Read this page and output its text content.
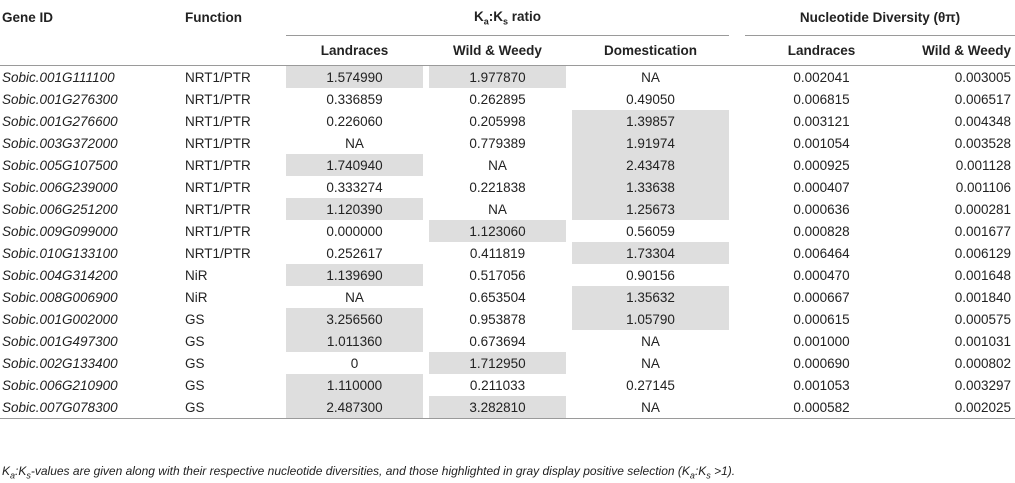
Gene ID	Function	$K_a:K_s$ ratio						Nucleotide Diversity (θπ)	
		Landraces		Wild & Weedy		Domestication		Landraces	Wild & Weedy
Sobic.001G111100	NRT1/PTR	1.574990		1.977870		NA		0.002041	0.003005
Sobic.001G276300	NRT1/PTR	0.336859		0.262895		0.49050		0.006815	0.006517
Sobic.001G276600	NRT1/PTR	0.226060		0.205998		1.39857		0.003121	0.004348
Sobic.003G372000	NRT1/PTR	NA		0.779389		1.91974		0.001054	0.003528
Sobic.005G107500	NRT1/PTR	1.740940		NA		2.43478		0.000925	0.001128
Sobic.006G239000	NRT1/PTR	0.333274		0.221838		1.33638		0.000407	0.001106
Sobic.006G251200	NRT1/PTR	1.120390		NA		1.25673		0.000636	0.000281
Sobic.009G099000	NRT1/PTR	0.000000		1.123060		0.56059		0.000828	0.001677
Sobic.010G133100	NRT1/PTR	0.252617		0.411819		1.73304		0.006464	0.006129
Sobic.004G314200	NiR	1.139690		0.517056		0.90156		0.000470	0.001648
Sobic.008G006900	NiR	NA		0.653504		1.35632		0.000667	0.001840
Sobic.001G002000	GS	3.256560		0.953878		1.05790		0.000615	0.000575
Sobic.001G497300	GS	1.011360		0.673694		NA		0.001000	0.001031
Sobic.002G133400	GS	0		1.712950		NA		0.000690	0.000802
Sobic.006G210900	GS	1.110000		0.211033		0.27145		0.001053	0.003297
Sobic.007G078300	GS	2.487300		3.282810		NA		0.000582	0.002025
$K_a:K_s$-values are given along with their respective nucleotide diversities, and those highlighted in gray display positive selection $(K_a:K_s >1)$.
